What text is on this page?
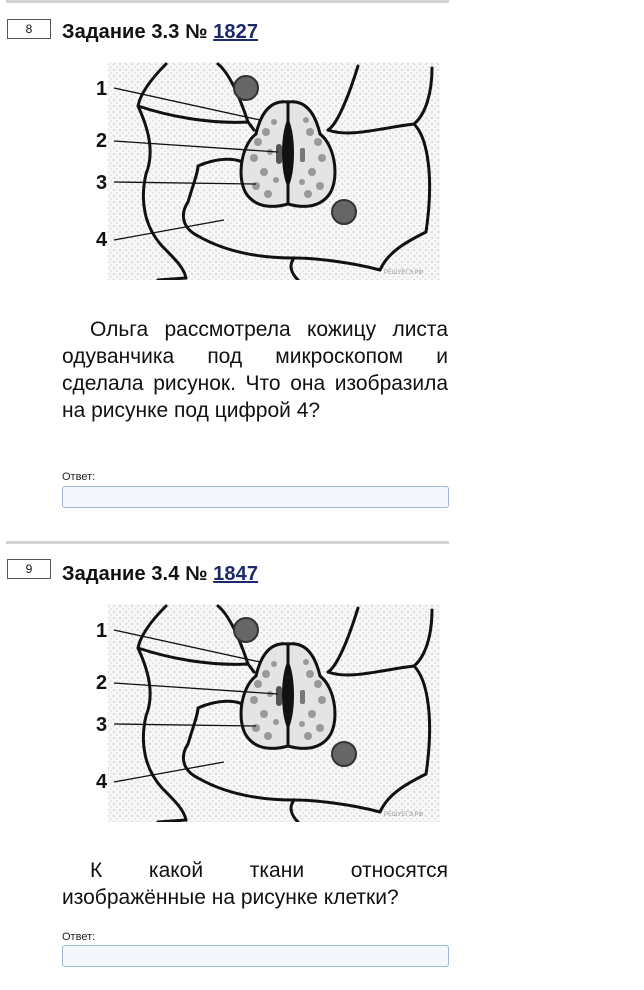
8	Задание 3.3 № 1827
1
2
3
4
РЕШУЕГЭ.РФ
Ольга рассмотрела кожицу листа одуванчика под микроскопом и сделала рисунок. Что она изобразила на рисунке под цифрой 4?
Ответ:
9	Задание 3.4 № 1847
1
2
3
4
РЕШУЕГЭ.РФ
К какой ткани относятся изображённые на рисунке клетки?
Ответ:
